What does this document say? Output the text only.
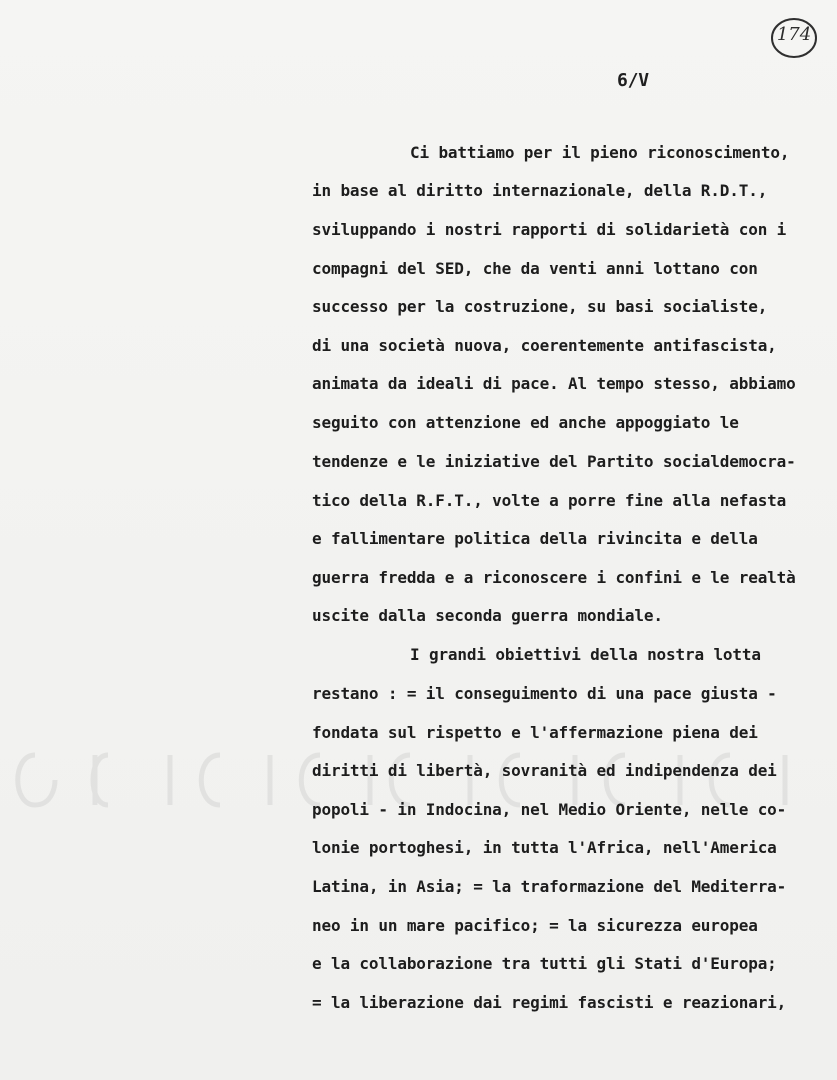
174
6/V
Ci battiamo per il pieno riconoscimento,
in base al diritto internazionale, della R.D.T.,
sviluppando i nostri rapporti di solidarietà con i
compagni del SED, che da venti anni lottano con
successo per la costruzione, su basi socialiste,
di una società nuova, coerentemente antifascista,
animata da ideali di pace. Al tempo stesso, abbiamo
seguito con attenzione ed anche appoggiato le
tendenze e le iniziative del Partito socialdemocra-
tico della R.F.T., volte a porre fine alla nefasta
e fallimentare politica della rivincita e della
guerra fredda e a riconoscere i confini e le realtà
uscite dalla seconda guerra mondiale.
I grandi obiettivi della nostra lotta
restano : = il conseguimento di una pace giusta -
fondata sul rispetto e l'affermazione piena dei
diritti di libertà, sovranità ed indipendenza dei
popoli - in Indocina, nel Medio Oriente, nelle co-
lonie portoghesi, in tutta l'Africa, nell'America
Latina, in Asia; = la traformazione del Mediterra-
neo in un mare pacifico; = la sicurezza europea
e la collaborazione tra tutti gli Stati d'Europa;
= la liberazione dai regimi fascisti e reazionari,
